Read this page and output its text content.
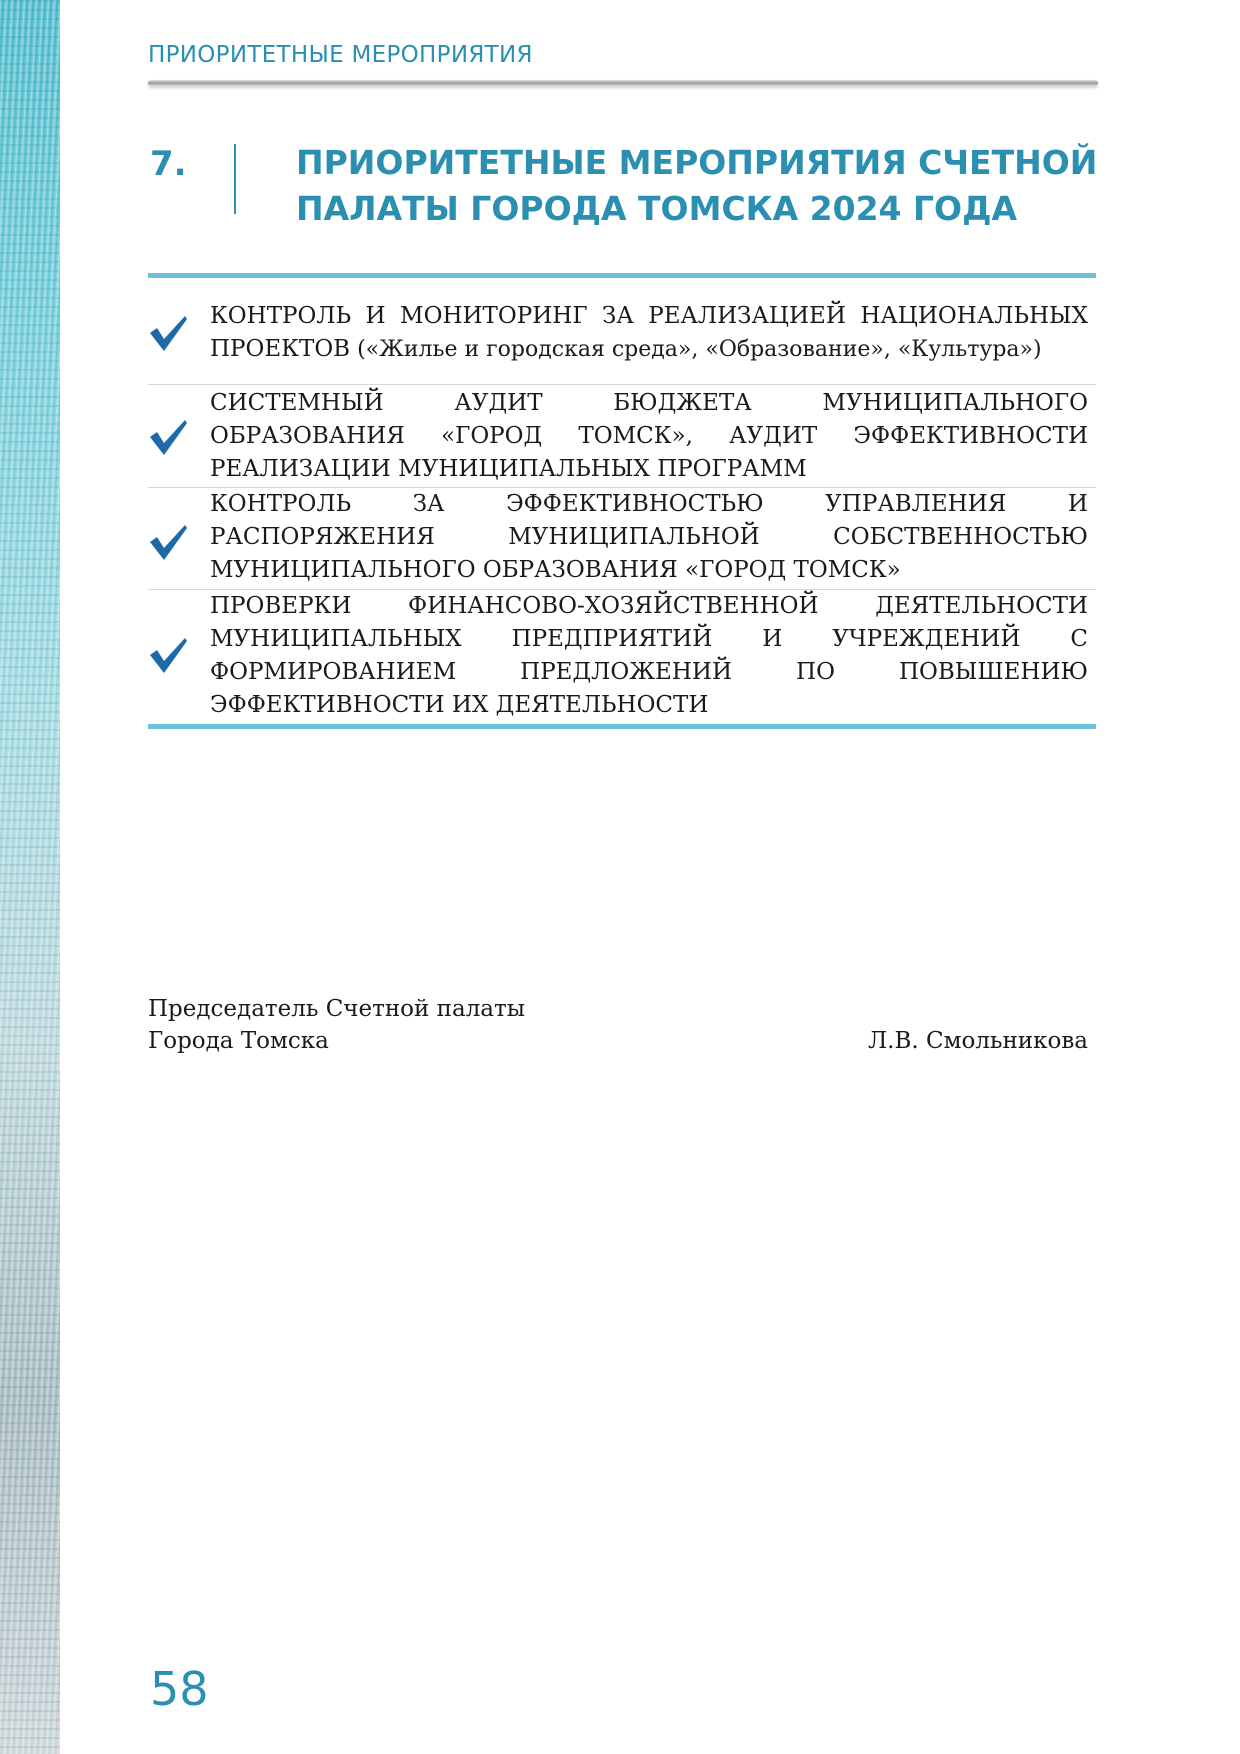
ПРИОРИТЕТНЫЕ МЕРОПРИЯТИЯ
7.	ПРИОРИТЕТНЫЕ МЕРОПРИЯТИЯ СЧЕТНОЙ ПАЛАТЫ ГОРОДА ТОМСКА 2024 ГОДА

КОНТРОЛЬ И МОНИТОРИНГ ЗА РЕАЛИЗАЦИЕЙ НАЦИОНАЛЬНЫХ ПРОЕКТОВ («Жилье и городская среда», «Образование», «Культура»)

СИСТЕМНЫЙ АУДИТ БЮДЖЕТА МУНИЦИПАЛЬНОГО ОБРАЗОВАНИЯ «ГОРОД ТОМСК», АУДИТ ЭФФЕКТИВНОСТИ РЕАЛИЗАЦИИ МУНИЦИПАЛЬНЫХ ПРОГРАММ

КОНТРОЛЬ ЗА ЭФФЕКТИВНОСТЬЮ УПРАВЛЕНИЯ И РАСПОРЯЖЕНИЯ МУНИЦИПАЛЬНОЙ СОБСТВЕННОСТЬЮ МУНИЦИПАЛЬНОГО ОБРАЗОВАНИЯ «ГОРОД ТОМСК»

ПРОВЕРКИ ФИНАНСОВО-ХОЗЯЙСТВЕННОЙ ДЕЯТЕЛЬНОСТИ МУНИЦИПАЛЬНЫХ ПРЕДПРИЯТИЙ И УЧРЕЖДЕНИЙ С ФОРМИРОВАНИЕМ ПРЕДЛОЖЕНИЙ ПО ПОВЫШЕНИЮ ЭФФЕКТИВНОСТИ ИХ ДЕЯТЕЛЬНОСТИ

Председатель Счетной палаты
Города Томска	Л.В. Смольникова
58
